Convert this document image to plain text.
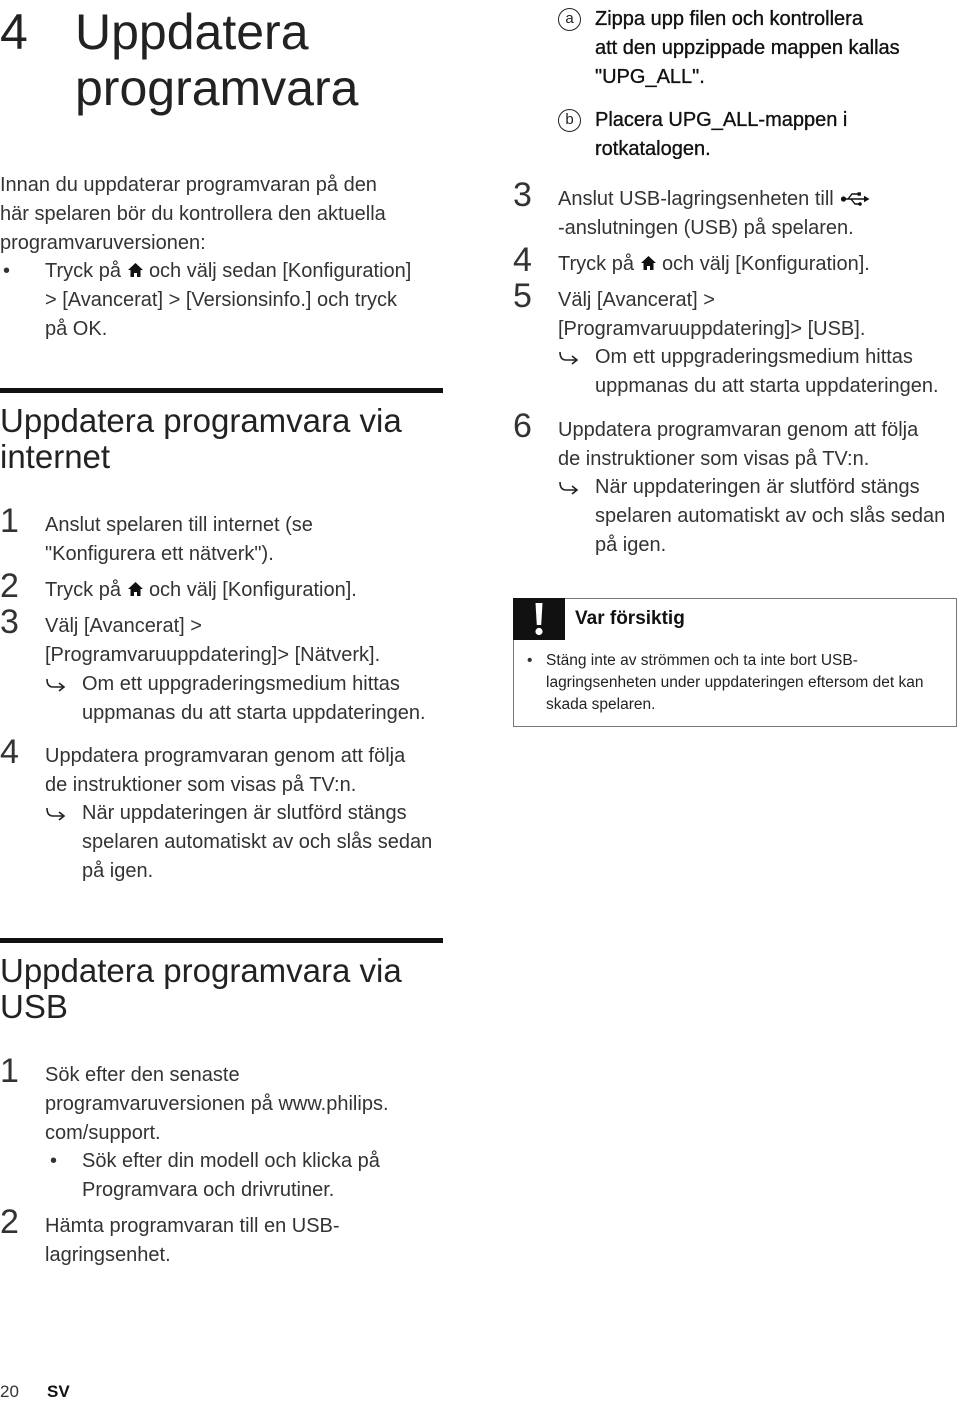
4 Uppdatera
programvara

Innan du uppdaterar programvaran på den
här spelaren bör du kontrollera den aktuella
programvaruversionen:

• Tryck på och välj sedan [Konfiguration]
> [Avancerat] > [Versionsinfo.] och tryck
på OK.
Uppdatera programvara via
internet
1 Anslut spelaren till internet (se
"Konfigurera ett nätverk").
2 Tryck på och välj [Konfiguration].
3 Välj [Avancerat] >
[Programvaruuppdatering]> [Nätverk].
Om ett uppgraderingsmedium hittas
uppmanas du att starta uppdateringen.
4 Uppdatera programvaran genom att följa
de instruktioner som visas på TV:n.
När uppdateringen är slutförd stängs
spelaren automatiskt av och slås sedan
på igen.
Uppdatera programvara via
USB
1 Sök efter den senaste
programvaruversionen på www.philips.
com/support.
• Sök efter din modell och klicka på
Programvara och drivrutiner.
2 Hämta programvaran till en USB-
lagringsenhet.
a	Zippa upp filen och kontrollera
att den uppzippade mappen kallas
"UPG_ALL".
b	Placera UPG_ALL-mappen i
rotkatalogen.
3 Anslut USB-lagringsenheten till

-anslutningen (USB) på spelaren.
4 Tryck på och välj [Konfiguration].
5 Välj [Avancerat] >
[Programvaruuppdatering]> [USB].
Om ett uppgraderingsmedium hittas
uppmanas du att starta uppdateringen.
6 Uppdatera programvaran genom att följa
de instruktioner som visas på TV:n.
När uppdateringen är slutförd stängs
spelaren automatiskt av och slås sedan
på igen.
Var försiktig
• Stäng inte av strömmen och ta inte bort USB-
lagringsenheten under uppdateringen eftersom det kan
skada spelaren.
20 SV
